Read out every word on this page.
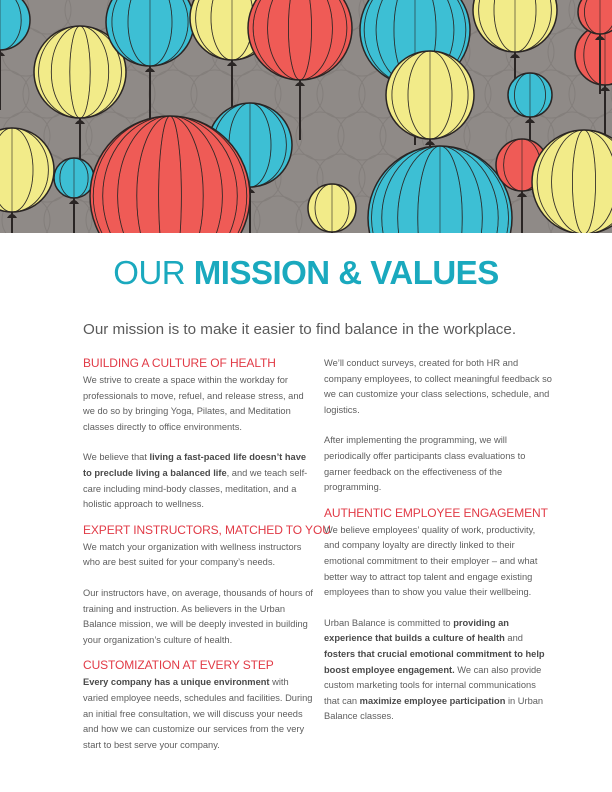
OUR MISSION & VALUES
Our mission is to make it easier to find balance in the workplace.
BUILDING A CULTURE OF HEALTH

We strive to create a space within the workday for professionals to move, refuel, and release stress, and we do so by bringing Yoga, Pilates, and Meditation classes directly to office environments.

We believe that living a fast-paced life doesn’t have to preclude living a balanced life, and we teach self-care including mind-body classes, meditation, and a holistic approach to wellness.

EXPERT INSTRUCTORS, MATCHED TO YOU

We match your organization with wellness instructors who are best suited for your company’s needs.

Our instructors have, on average, thousands of hours of training and instruction. As believers in the Urban Balance mission, we will be deeply invested in building your organization’s culture of health.

CUSTOMIZATION AT EVERY STEP

Every company has a unique environment with varied employee needs, schedules and facilities. During an initial free consultation, we will discuss your needs and how we can customize our services from the very start to best serve your company.

We’ll conduct surveys, created for both HR and company employees, to collect meaningful feedback so we can customize your class selections, schedule, and logistics.

After implementing the programming, we will periodically offer participants class evaluations to garner feedback on the effectiveness of the programming.

AUTHENTIC EMPLOYEE ENGAGEMENT

We believe employees’ quality of work, productivity, and company loyalty are directly linked to their emotional commitment to their employer – and what better way to attract top talent and engage existing employees than to show you value their wellbeing.

Urban Balance is committed to providing an experience that builds a culture of health and fosters that crucial emotional commitment to help boost employee engagement. We can also provide custom marketing tools for internal communications that can maximize employee participation in Urban Balance classes.
